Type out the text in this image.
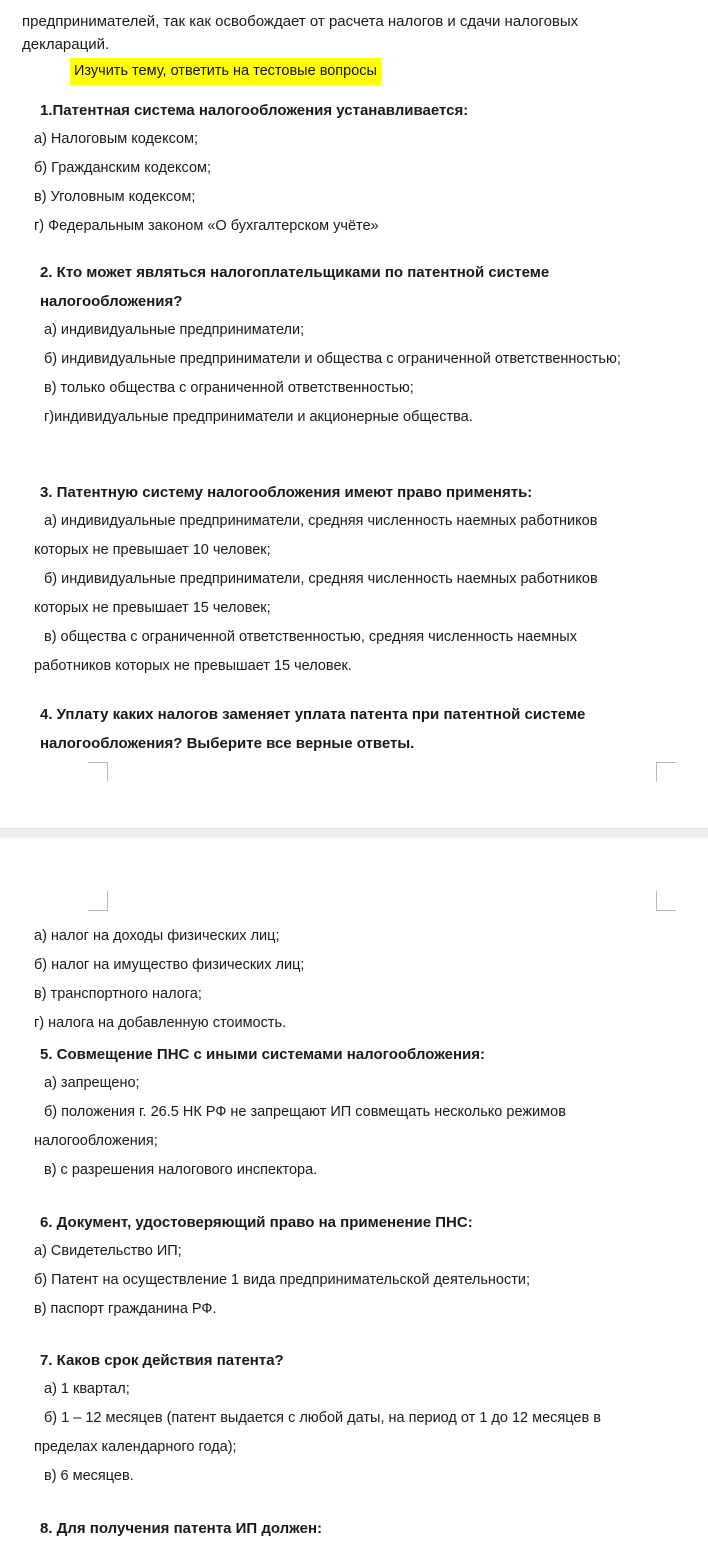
предпринимателей, так как освобождает от расчета налогов и сдачи налоговых
деклараций.
Изучить тему, ответить на тестовые вопросы
1.Патентная система налогообложения устанавливается:
а) Налоговым кодексом;
б) Гражданским кодексом;
в) Уголовным кодексом;
г) Федеральным законом «О бухгалтерском учёте»
2. Кто может являться налогоплательщиками по патентной системе налогообложения?
а) индивидуальные предприниматели;
б) индивидуальные предприниматели и общества с ограниченной ответственностью;
в) только общества с ограниченной ответственностью;
г)индивидуальные предприниматели и акционерные общества.
3. Патентную систему налогообложения имеют право применять:
а) индивидуальные предприниматели, средняя численность наемных работников которых не превышает 10 человек;
б) индивидуальные предприниматели, средняя численность наемных работников которых не превышает 15 человек;
в) общества с ограниченной ответственностью, средняя численность наемных работников которых не превышает 15 человек.
4. Уплату каких налогов заменяет уплата патента при патентной системе налогообложения? Выберите все верные ответы.
а) налог на доходы физических лиц;
б) налог на имущество физических лиц;
в) транспортного налога;
г) налога на добавленную стоимость.
5. Совмещение ПНС с иными системами налогообложения:
а) запрещено;
б) положения г. 26.5 НК РФ не запрещают ИП совмещать несколько режимов налогообложения;
в) с разрешения налогового инспектора.
6. Документ, удостоверяющий право на применение ПНС:
а) Свидетельство ИП;
б) Патент на осуществление 1 вида предпринимательской деятельности;
в) паспорт гражданина РФ.
7. Каков срок действия патента?
а) 1 квартал;
б) 1 – 12 месяцев (патент выдается с любой даты, на период от 1 до 12 месяцев в пределах календарного года);
в) 6 месяцев.
8. Для получения патента ИП должен:
